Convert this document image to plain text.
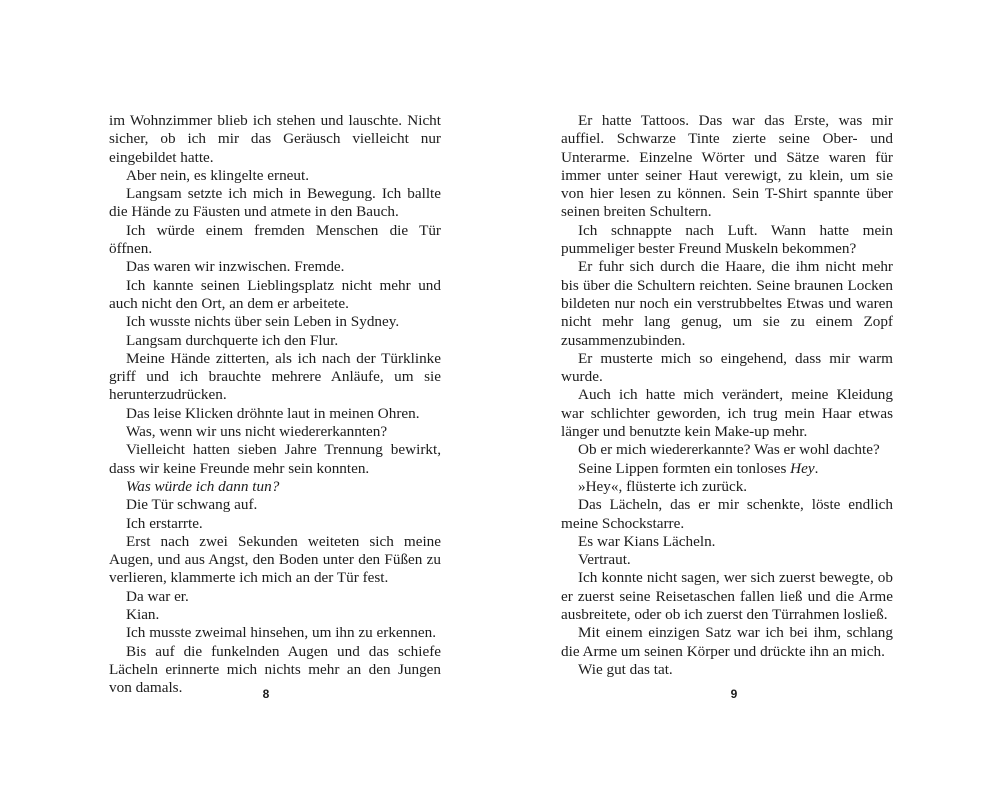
im Wohnzimmer blieb ich stehen und lauschte. Nicht sicher, ob ich mir das Geräusch vielleicht nur eingebildet hatte.

Aber nein, es klingelte erneut.

Langsam setzte ich mich in Bewegung. Ich ballte die Hände zu Fäusten und atmete in den Bauch.

Ich würde einem fremden Menschen die Tür öffnen.

Das waren wir inzwischen. Fremde.

Ich kannte seinen Lieblingsplatz nicht mehr und auch nicht den Ort, an dem er arbeitete.

Ich wusste nichts über sein Leben in Sydney.

Langsam durchquerte ich den Flur.

Meine Hände zitterten, als ich nach der Türklinke griff und ich brauchte mehrere Anläufe, um sie herunterzudrücken.

Das leise Klicken dröhnte laut in meinen Ohren.

Was, wenn wir uns nicht wiedererkannten?

Vielleicht hatten sieben Jahre Trennung bewirkt, dass wir keine Freunde mehr sein konnten.

Was würde ich dann tun?

Die Tür schwang auf.

Ich erstarrte.

Erst nach zwei Sekunden weiteten sich meine Augen, und aus Angst, den Boden unter den Füßen zu verlieren, klammerte ich mich an der Tür fest.

Da war er.

Kian.

Ich musste zweimal hinsehen, um ihn zu erkennen.

Bis auf die funkelnden Augen und das schiefe Lächeln erinnerte mich nichts mehr an den Jungen von damals.

Er hatte Tattoos. Das war das Erste, was mir auffiel. Schwarze Tinte zierte seine Ober- und Unterarme. Einzelne Wörter und Sätze waren für immer unter seiner Haut verewigt, zu klein, um sie von hier lesen zu können. Sein T-Shirt spannte über seinen breiten Schultern.

Ich schnappte nach Luft. Wann hatte mein pummeliger bester Freund Muskeln bekommen?

Er fuhr sich durch die Haare, die ihm nicht mehr bis über die Schultern reichten. Seine braunen Locken bildeten nur noch ein verstrubbeltes Etwas und waren nicht mehr lang genug, um sie zu einem Zopf zusammenzubinden.

Er musterte mich so eingehend, dass mir warm wurde.

Auch ich hatte mich verändert, meine Kleidung war schlichter geworden, ich trug mein Haar etwas länger und benutzte kein Make-up mehr.

Ob er mich wiedererkannte? Was er wohl dachte?

Seine Lippen formten ein tonloses Hey.

»Hey«, flüsterte ich zurück.

Das Lächeln, das er mir schenkte, löste endlich meine Schockstarre.

Es war Kians Lächeln.

Vertraut.

Ich konnte nicht sagen, wer sich zuerst bewegte, ob er zuerst seine Reisetaschen fallen ließ und die Arme ausbreitete, oder ob ich zuerst den Türrahmen losließ.

Mit einem einzigen Satz war ich bei ihm, schlang die Arme um seinen Körper und drückte ihn an mich.

Wie gut das tat.

8	9
